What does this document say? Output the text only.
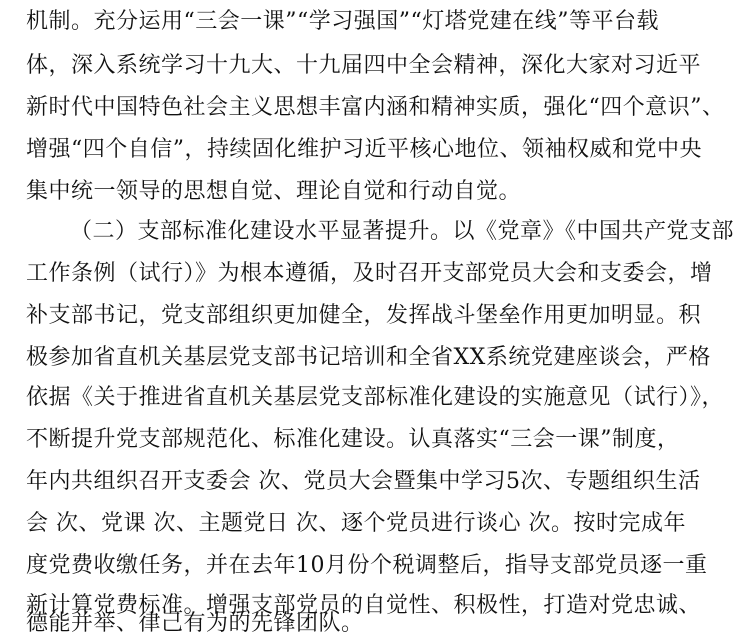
机制。充分运用“三会一课”“学习强国”“灯塔党建在线”等平台载
体，深入系统学习十九大、十九届四中全会精神，深化大家对习近平
新时代中国特色社会主义思想丰富内涵和精神实质，强化“四个意识”、
增强“四个自信”，持续固化维护习近平核心地位、领袖权威和党中央
集中统一领导的思想自觉、理论自觉和行动自觉。
（二）支部标准化建设水平显著提升。以《党章》《中国共产党支部
工作条例（试行）》为根本遵循，及时召开支部党员大会和支委会，增
补支部书记，党支部组织更加健全，发挥战斗堡垒作用更加明显。积
极参加省直机关基层党支部书记培训和全省XX系统党建座谈会，严格
依据《关于推进省直机关基层党支部标准化建设的实施意见（试行）》，
不断提升党支部规范化、标准化建设。认真落实“三会一课”制度，
年内共组织召开支委会 次、党员大会暨集中学习5次、专题组织生活
会 次、党课 次、主题党日 次、逐个党员进行谈心 次。按时完成年
度党费收缴任务，并在去年10月份个税调整后，指导支部党员逐一重
新计算党费标准。增强支部党员的自觉性、积极性，打造对党忠诚、
德能并举、律己有为的先锋团队。
